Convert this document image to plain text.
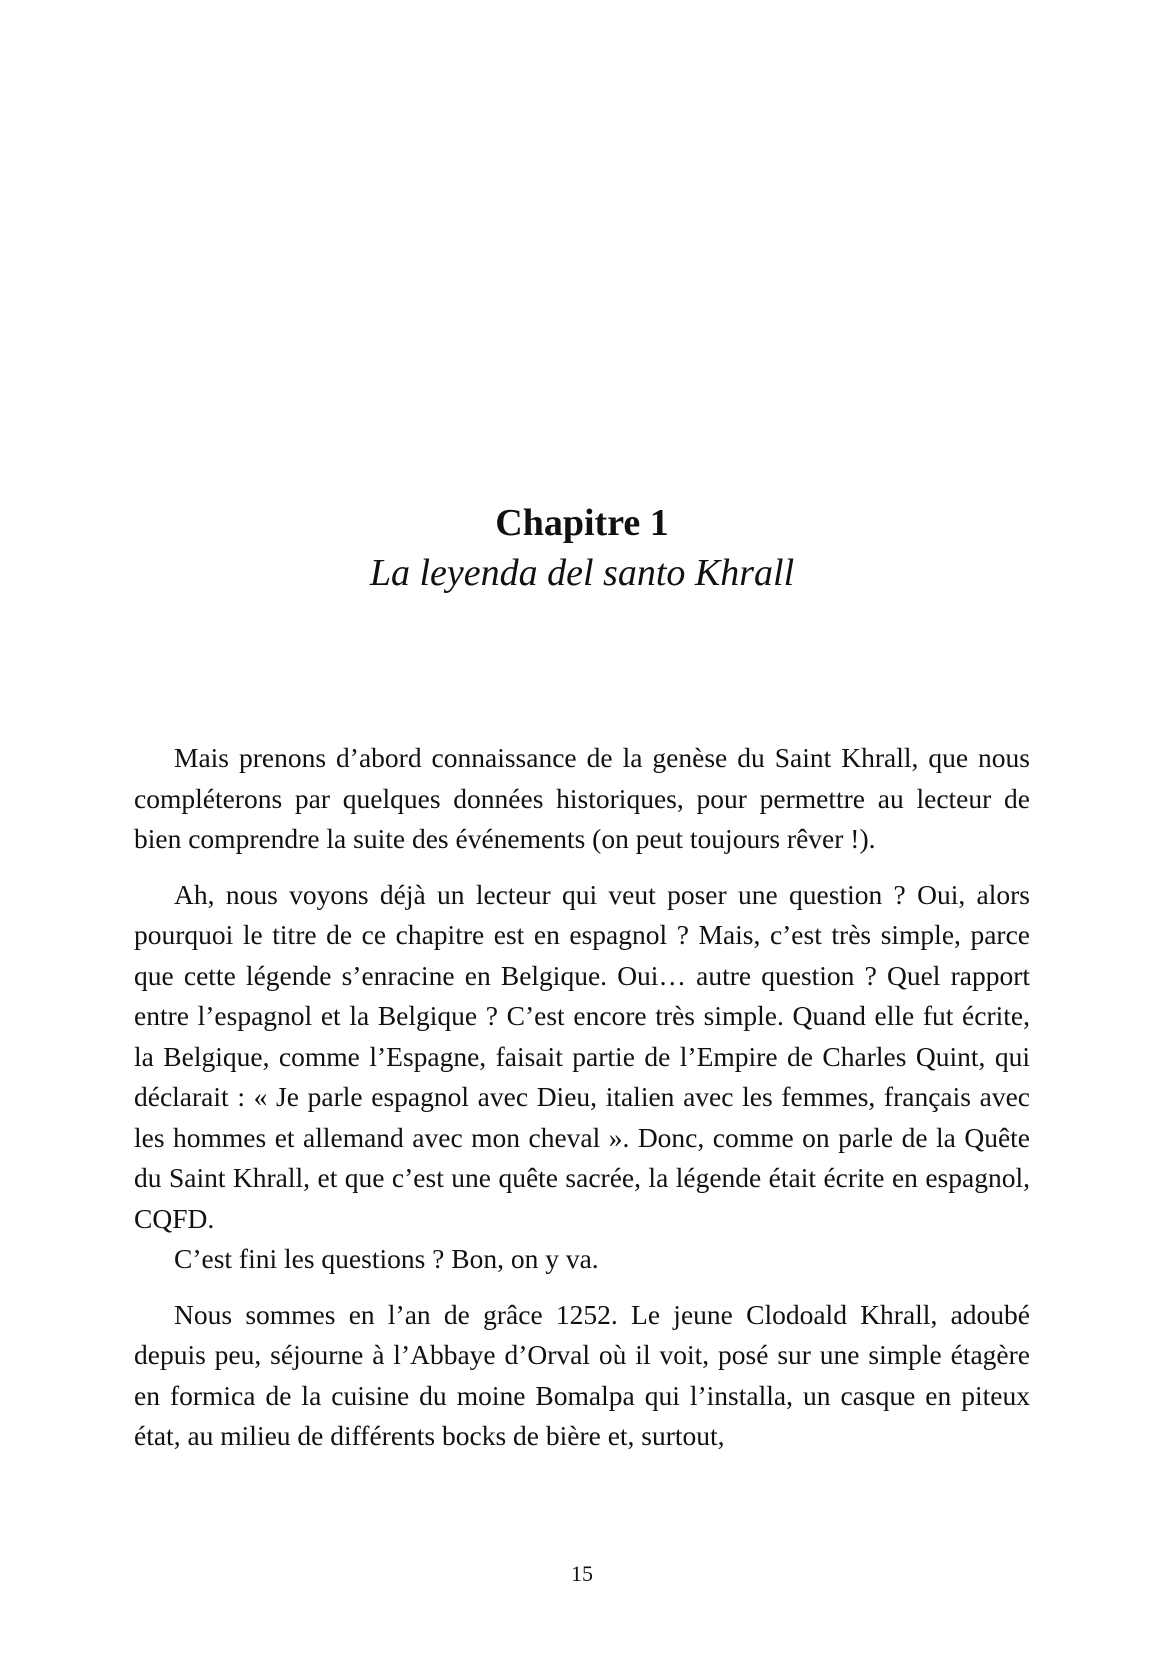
Chapitre 1
La leyenda del santo Khrall

Mais prenons d’abord connaissance de la genèse du Saint Khrall, que nous compléterons par quelques données historiques, pour permettre au lecteur de bien comprendre la suite des événements (on peut toujours rêver !).

Ah, nous voyons déjà un lecteur qui veut poser une question ? Oui, alors pourquoi le titre de ce chapitre est en espagnol ? Mais, c’est très simple, parce que cette légende s’enracine en Belgique. Oui… autre question ? Quel rapport entre l’espagnol et la Belgique ? C’est encore très simple. Quand elle fut écrite, la Belgique, comme l’Espagne, faisait partie de l’Empire de Charles Quint, qui déclarait : « Je parle espagnol avec Dieu, italien avec les femmes, français avec les hommes et allemand avec mon cheval ». Donc, comme on parle de la Quête du Saint Khrall, et que c’est une quête sacrée, la légende était écrite en espagnol, CQFD.

C’est fini les questions ? Bon, on y va.

Nous sommes en l’an de grâce 1252. Le jeune Clodoald Khrall, adoubé depuis peu, séjourne à l’Abbaye d’Orval où il voit, posé sur une simple étagère en formica de la cuisine du moine Bomalpa qui l’installa, un casque en piteux état, au milieu de différents bocks de bière et, surtout,

15
